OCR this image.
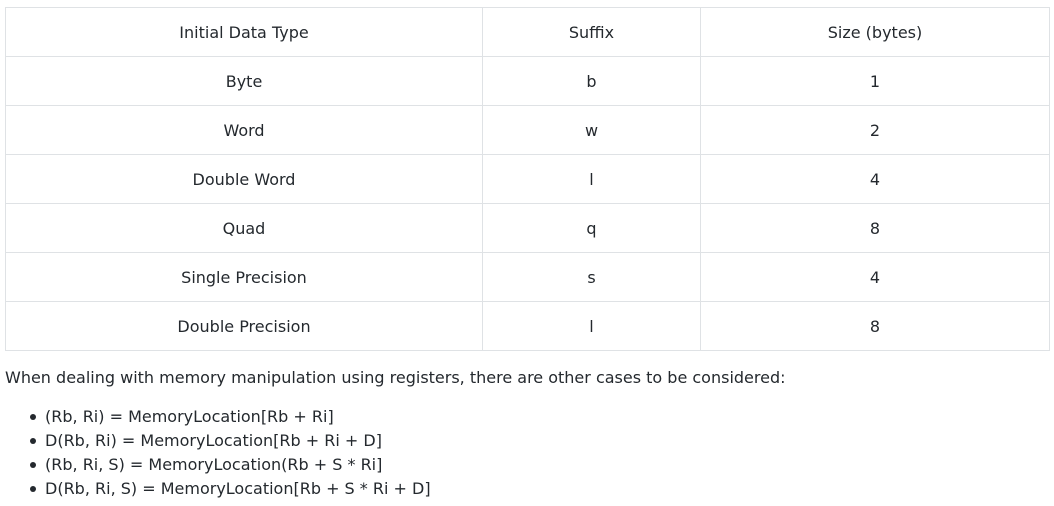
Initial Data Type	Suffix	Size (bytes)
Byte	b	1
Word	w	2
Double Word	l	4
Quad	q	8
Single Precision	s	4
Double Precision	l	8

When dealing with memory manipulation using registers, there are other cases to be considered:

(Rb, Ri) = MemoryLocation[Rb + Ri]
D(Rb, Ri) = MemoryLocation[Rb + Ri + D]
(Rb, Ri, S) = MemoryLocation(Rb + S * Ri]
D(Rb, Ri, S) = MemoryLocation[Rb + S * Ri + D]
